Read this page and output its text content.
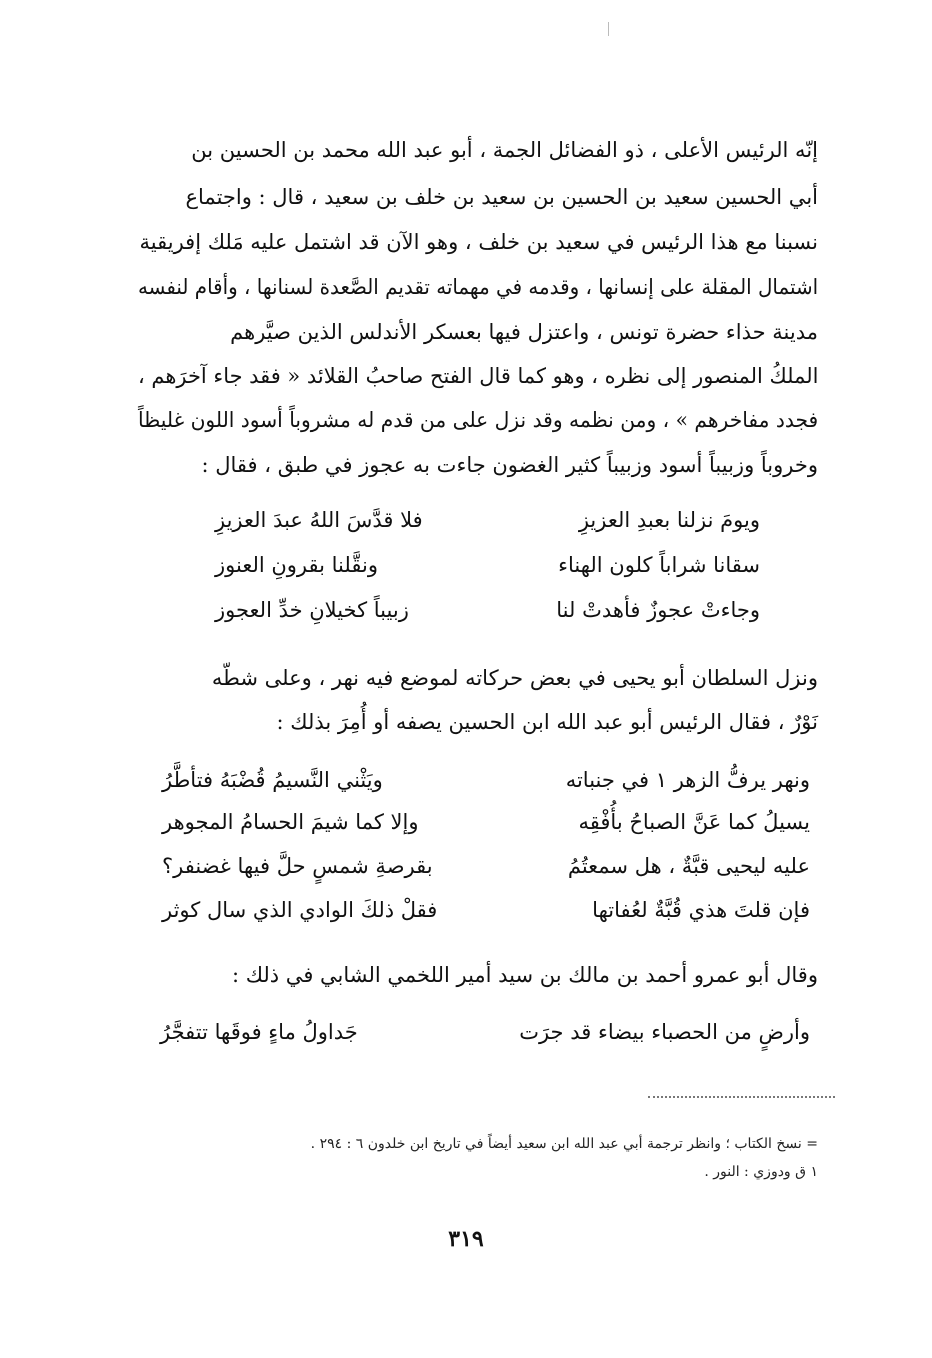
إنّه الرئيس الأعلى ، ذو الفضائل الجمة ، أبو عبد الله محمد بن الحسين بن
أبي الحسين سعيد بن الحسين بن سعيد بن خلف بن سعيد ، قال : واجتماع
نسبنا مع هذا الرئيس في سعيد بن خلف ، وهو الآن قد اشتمل عليه مَلك إفريقية
اشتمال المقلة على إنسانها ، وقدمه في مهماته تقديم الصَّعدة لسنانها ، وأقام لنفسه
مدينة حذاء حضرة تونس ، واعتزل فيها بعسكر الأندلس الذين صيَّرهم
الملكُ المنصور إلى نظره ، وهو كما قال الفتح صاحبُ القلائد « فقد جاء آخرَهم ،
فجدد مفاخرهم » ، ومن نظمه وقد نزل على من قدم له مشروباً أسود اللون غليظاً
وخروباً وزبيباً أسود وزبيباً كثير الغضون جاءت به عجوز في طبق ، فقال :
ويومَ نزلنا بعبدِ العزيزِ
فلا قدَّسَ اللهُ عبدَ العزيزِ
سقانا شراباً كلون الهناء
ونقَّلنا بقرونِ العنوز
وجاءتْ عجوزٌ فأهدتْ لنا
زبيباً كخيلانِ خدِّ العجوز
ونزل السلطان أبو يحيى في بعض حركاته لموضع فيه نهر ، وعلى شطّه
نَوْرٌ ، فقال الرئيس أبو عبد الله ابن الحسين يصفه أو أُمِرَ بذلك :
ونهر يرفُّ الزهر ١ في جنباته
ويَثْني النَّسيمُ قُضْبَهُ فتأطَّرُ
يسيلُ كما عَنَّ الصباحُ بأُفْقِه
وإلا كما شيمَ الحسامُ المجوهر
عليه ليحيى قبَّةٌ ، هل سمعتُمُ
بقرصةِ شمسٍ حلَّ فيها غضنفر؟
فإن قلتَ هذي قُبَّةٌ لعُفاتها
فقلْ ذلكَ الوادي الذي سال كوثر
وقال أبو عمرو أحمد بن مالك بن سيد أمير اللخمي الشابي في ذلك :
وأرضٍ من الحصباء بيضاء قد جرَت
جَداولُ ماءٍ فوقَها تتفجَّرُ
= نسخ الكتاب ؛ وانظر ترجمة أبي عبد الله ابن سعيد أيضاً في تاريخ ابن خلدون ٦ : ٢٩٤ .
١ ق ودوزي : النور .
٣١٩
